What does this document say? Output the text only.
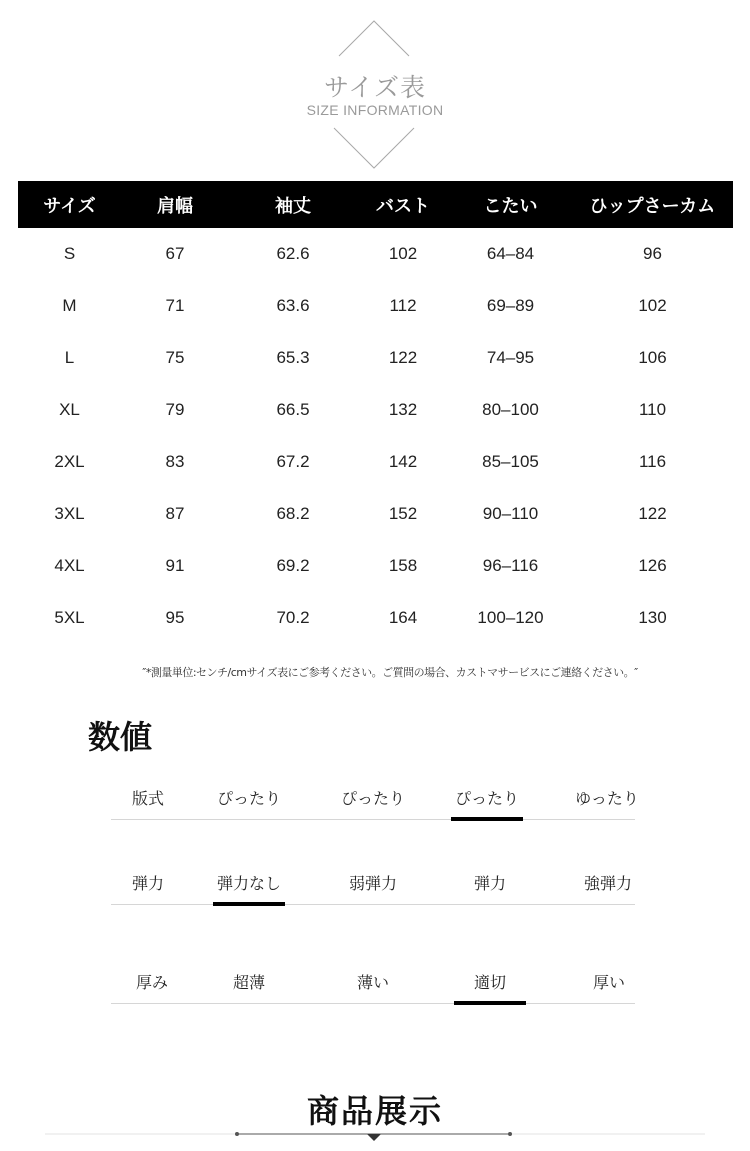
サイズ表
SIZE INFORMATION
サイズ	肩幅	袖丈	バスト	こたい	ひップさーカム
S	67	62.6	102	64–84	96
M	71	63.6	112	69–89	102
L	75	65.3	122	74–95	106
XL	79	66.5	132	80–100	110
2XL	83	67.2	142	85–105	116
3XL	87	68.2	152	90–110	122
4XL	91	69.2	158	96–116	126
5XL	95	70.2	164	100–120	130
″*測量単位:センチ/cmサイズ表にご参考ください。ご質問の場合、カストマサービスにご連絡ください。″
数値
版式	ぴったり	ぴったり	ぴったり	ゆったり
弾力	弾力なし	弱弾力	弾力	強弾力
厚み	超薄	薄い	適切	厚い
商品展示
